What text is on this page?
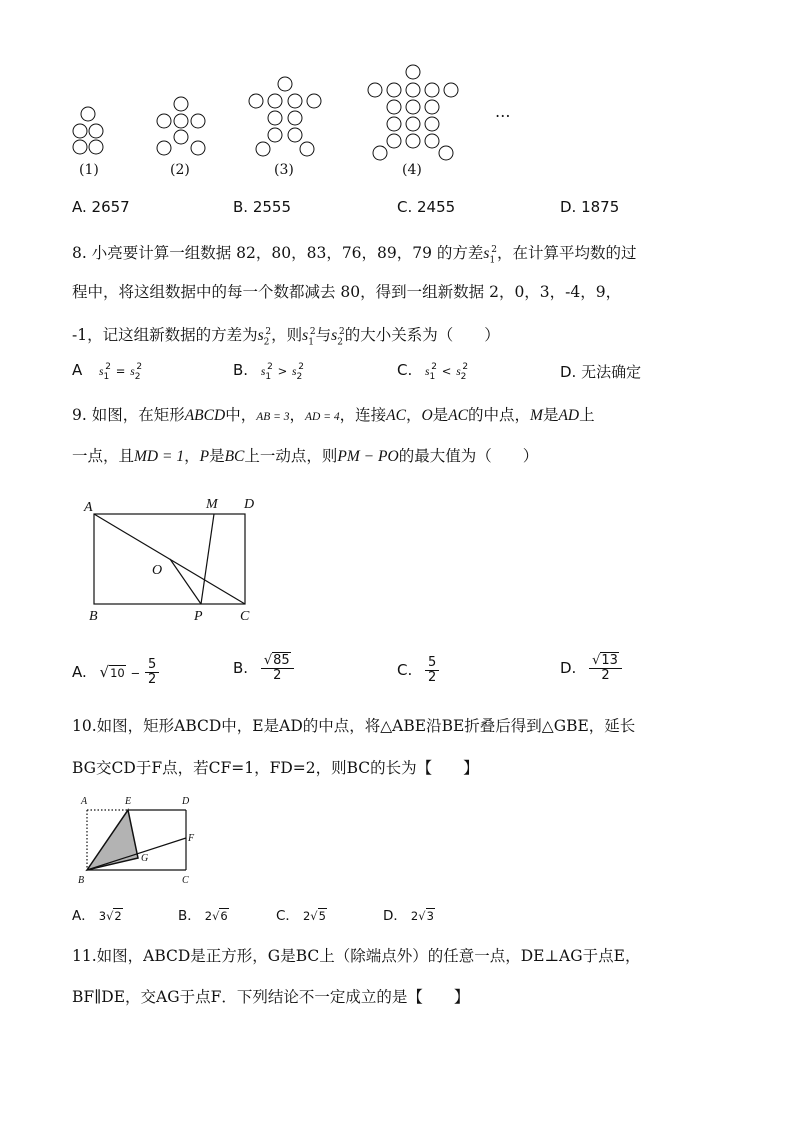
(1)	(2)	(3)	(4)
…
A. 2657	B. 2555	C. 2455	D. 1875
8. 小亮要计算一组数据 82，80，83，76，89，79 的方差$s_1^2$，在计算平均数的过
程中，将这组数据中的每一个数都减去 80，得到一组新数据 2，0，3，-4，9，
-1，记这组新数据的方差为$s_2^2$，则$s_1^2$与$s_2^2$的大小关系为（　　）
A $s_1^2 = s_2^2$	B. $s_1^2 > s_2^2$	C. $s_1^2 < s_2^2$	D. 无法确定
9. 如图，在矩形ABCD中，AB = 3，AD = 4，连接AC，O是AC的中点，M是AD上
一点，且MD = 1，P是BC上一动点，则PM − PO的最大值为（　　）
A	M D
O
B	P	C
A. $√10 - \frac{5}{2}$	B. $\frac{√85}{2}$	C. $\frac{5}{2}$	D. $\frac{√13}{2}$
10.如图，矩形ABCD中，E是AD的中点，将△ABE沿BE折叠后得到△GBE，延长
BG交CD于F点，若CF=1，FD=2，则BC的长为【　　】
A	E	D
F
G
B	C
A． 3√2	B． 2√6	C． 2√5	D． 2√3
11.如图，ABCD是正方形，G是BC上（除端点外）的任意一点，DE⊥AG于点E，
BF∥DE，交AG于点F．下列结论不一定成立的是【　　】
